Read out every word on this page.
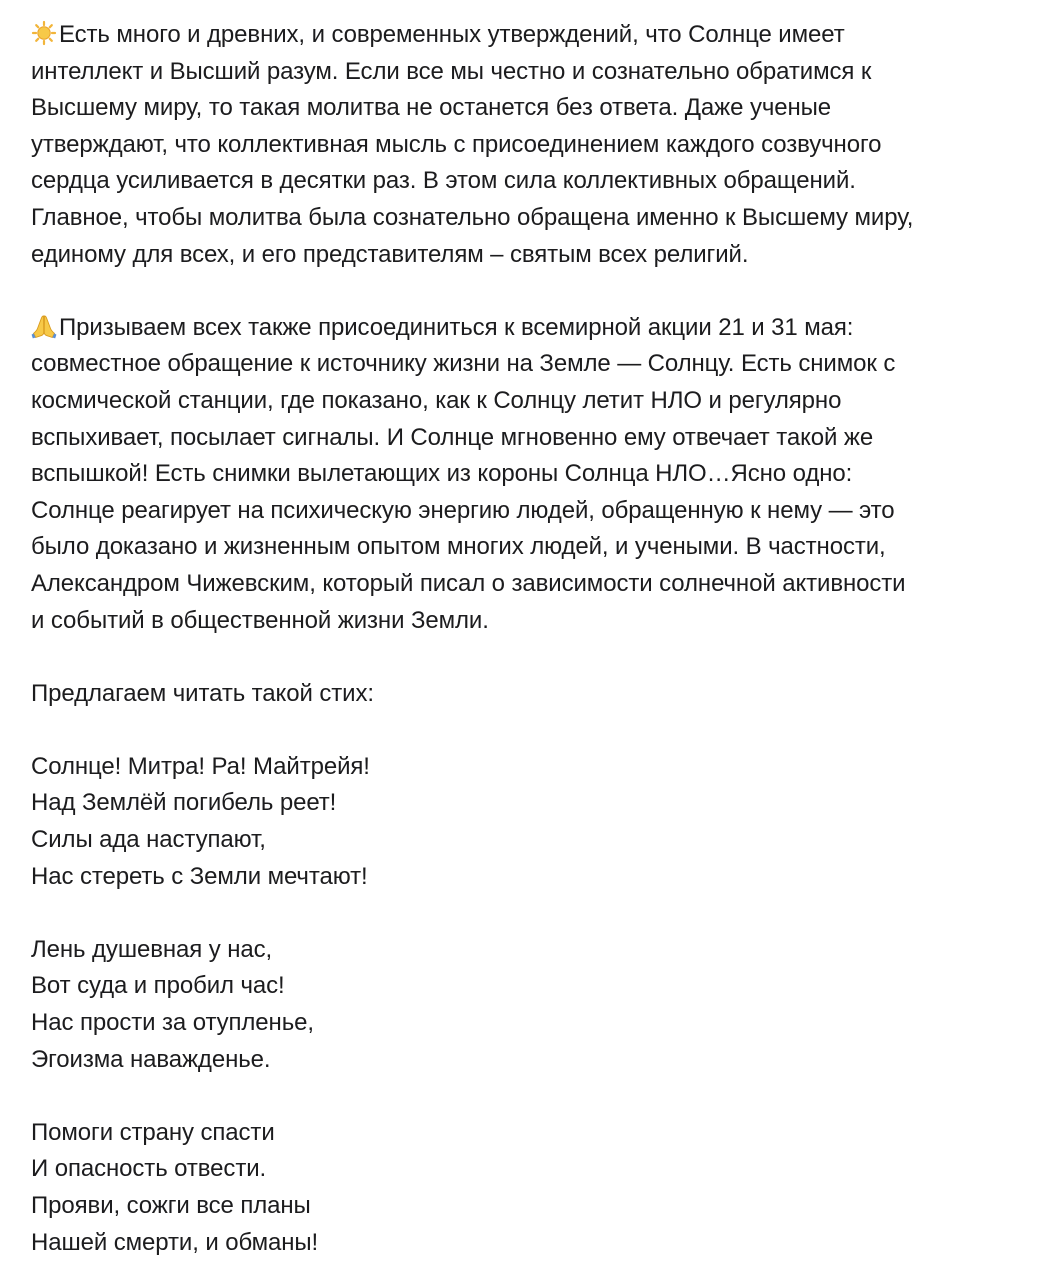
Есть много и древних, и современных утверждений, что Солнце имеет
интеллект и Высший разум. Если все мы честно и сознательно обратимся к
Высшему миру, то такая молитва не останется без ответа. Даже ученые
утверждают, что коллективная мысль с присоединением каждого созвучного
сердца усиливается в десятки раз. В этом сила коллективных обращений.
Главное, чтобы молитва была сознательно обращена именно к Высшему миру,
единому для всех, и его представителям – святым всех религий.
Призываем всех также присоединиться к всемирной акции 21 и 31 мая:
совместное обращение к источнику жизни на Земле — Солнцу. Есть снимок с
космической станции, где показано, как к Солнцу летит НЛО и регулярно
вспыхивает, посылает сигналы. И Солнце мгновенно ему отвечает такой же
вспышкой! Есть снимки вылетающих из короны Солнца НЛО…Ясно одно:
Солнце реагирует на психическую энергию людей, обращенную к нему — это
было доказано и жизненным опытом многих людей, и учеными. В частности,
Александром Чижевским, который писал о зависимости солнечной активности
и событий в общественной жизни Земли.
Предлагаем читать такой стих:
Солнце! Митра! Ра! Майтрейя!
Над Землёй погибель реет!
Силы ада наступают,
Нас стереть с Земли мечтают!
Лень душевная у нас,
Вот суда и пробил час!
Нас прости за отупленье,
Эгоизма наважденье.
Помоги страну спасти
И опасность отвести.
Прояви, сожги все планы
Нашей смерти, и обманы!
